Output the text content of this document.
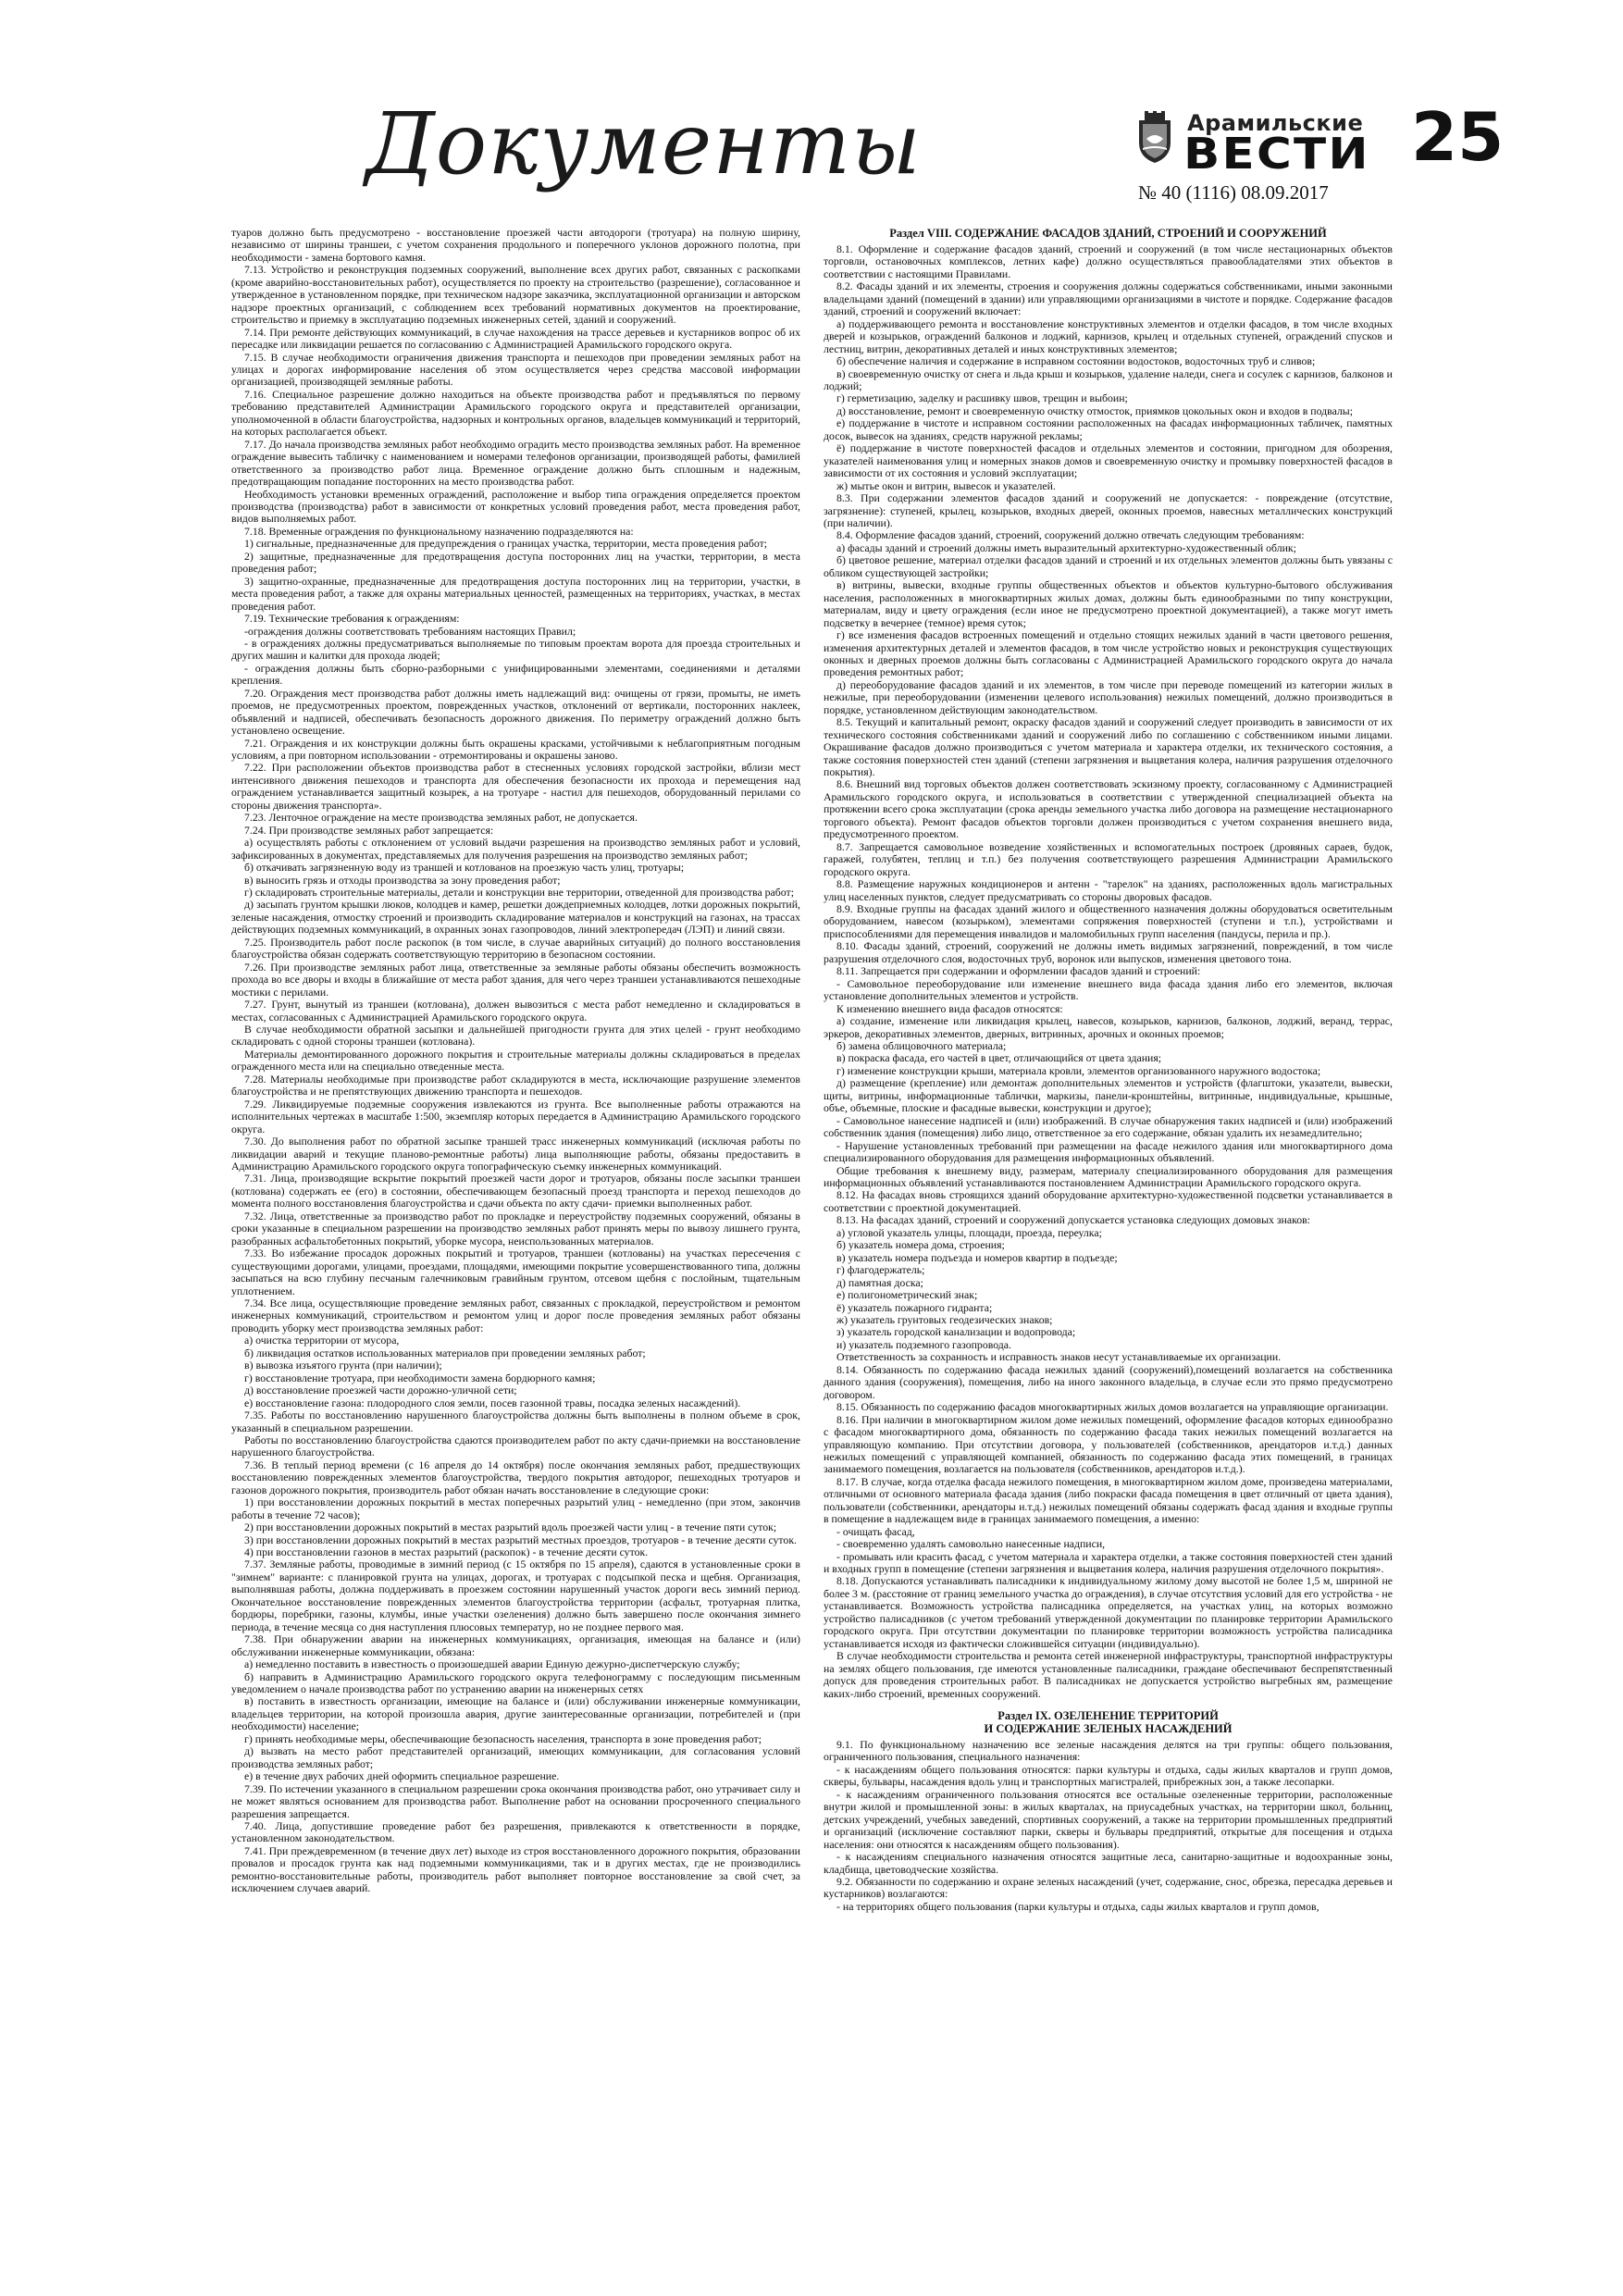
Документы	Арамильские
ВЕСТИ 25
№ 40 (1116) 08.09.2017

туаров должно быть предусмотрено - восстановление проезжей части автодороги (тротуара) на полную ширину, независимо от ширины траншеи, с учетом сохранения продольного и поперечного уклонов дорожного полотна, при необходимости - замена бортового камня.

7.13. Устройство и реконструкция подземных сооружений, выполнение всех других работ, связанных с раскопками (кроме аварийно-восстановительных работ), осуществляется по проекту на строительство (разрешение), согласованное и утвержденное в установленном порядке, при техническом надзоре заказчика, эксплуатационной организации и авторском надзоре проектных организаций, с соблюдением всех требований нормативных документов на проектирование, строительство и приемку в эксплуатацию подземных инженерных сетей, зданий и сооружений.

7.14. При ремонте действующих коммуникаций, в случае нахождения на трассе деревьев и кустарников вопрос об их пересадке или ликвидации решается по согласованию с Администрацией Арамильского городского округа.

7.15. В случае необходимости ограничения движения транспорта и пешеходов при проведении земляных работ на улицах и дорогах информирование населения об этом осуществляется через средства массовой информации организацией, производящей земляные работы.

7.16. Специальное разрешение должно находиться на объекте производства работ и предъявляться по первому требованию представителей Администрации Арамильского городского округа и представителей организации, уполномоченной в области благоустройства, надзорных и контрольных органов, владельцев коммуникаций и территорий, на которых располагается объект.

7.17. До начала производства земляных работ необходимо оградить место производства земляных работ. На временное ограждение вывесить табличку с наименованием и номерами телефонов организации, производящей работы, фамилией ответственного за производство работ лица. Временное ограждение должно быть сплошным и надежным, предотвращающим попадание посторонних на место производства работ.

Необходимость установки временных ограждений, расположение и выбор типа ограждения определяется проектом производства (производства) работ в зависимости от конкретных условий проведения работ, места проведения работ, видов выполняемых работ.

7.18. Временные ограждения по функциональному назначению подразделяются на:

1) сигнальные, предназначенные для предупреждения о границах участка, территории, места проведения работ;

2) защитные, предназначенные для предотвращения доступа посторонних лиц на участки, территории, в места проведения работ;

3) защитно-охранные, предназначенные для предотвращения доступа посторонних лиц на территории, участки, в места проведения работ, а также для охраны материальных ценностей, размещенных на территориях, участках, в местах проведения работ.

7.19. Технические требования к ограждениям:

-ограждения должны соответствовать требованиям настоящих Правил;

- в ограждениях должны предусматриваться выполняемые по типовым проектам ворота для проезда строительных и других машин и калитки для прохода людей;

- ограждения должны быть сборно-разборными с унифицированными элементами, соединениями и деталями крепления.

7.20. Ограждения мест производства работ должны иметь надлежащий вид: очищены от грязи, промыты, не иметь проемов, не предусмотренных проектом, поврежденных участков, отклонений от вертикали, посторонних наклеек, объявлений и надписей, обеспечивать безопасность дорожного движения. По периметру ограждений должно быть установлено освещение.

7.21. Ограждения и их конструкции должны быть окрашены красками, устойчивыми к неблагоприятным погодным условиям, а при повторном использовании - отремонтированы и окрашены заново.

7.22. При расположении объектов производства работ в стесненных условиях городской застройки, вблизи мест интенсивного движения пешеходов и транспорта для обеспечения безопасности их прохода и перемещения над ограждением устанавливается защитный козырек, а на тротуаре - настил для пешеходов, оборудованный перилами со стороны движения транспорта».

7.23. Ленточное ограждение на месте производства земляных работ, не допускается.

7.24. При производстве земляных работ запрещается:

а) осуществлять работы с отклонением от условий выдачи разрешения на производство земляных работ и условий, зафиксированных в документах, представляемых для получения разрешения на производство земляных работ;

б) откачивать загрязненную воду из траншей и котлованов на проезжую часть улиц, тротуары;

в) выносить грязь и отходы производства за зону проведения работ;

г) складировать строительные материалы, детали и конструкции вне территории, отведенной для производства работ;

д) засыпать грунтом крышки люков, колодцев и камер, решетки дождеприемных колодцев, лотки дорожных покрытий, зеленые насаждения, отмостку строений и производить складирование материалов и конструкций на газонах, на трассах действующих подземных коммуникаций, в охранных зонах газопроводов, линий электропередач (ЛЭП) и линий связи.

7.25. Производитель работ после раскопок (в том числе, в случае аварийных ситуаций) до полного восстановления благоустройства обязан содержать соответствующую территорию в безопасном состоянии.

7.26. При производстве земляных работ лица, ответственные за земляные работы обязаны обеспечить возможность прохода во все дворы и входы в ближайшие от места работ здания, для чего через траншеи устанавливаются пешеходные мостики с перилами.

7.27. Грунт, вынутый из траншеи (котлована), должен вывозиться с места работ немедленно и складироваться в местах, согласованных с Администрацией Арамильского городского округа.

В случае необходимости обратной засыпки и дальнейшей пригодности грунта для этих целей - грунт необходимо складировать с одной стороны траншеи (котлована).

Материалы демонтированного дорожного покрытия и строительные материалы должны складироваться в пределах огражденного места или на специально отведенные места.

7.28. Материалы необходимые при производстве работ складируются в места, исключающие разрушение элементов благоустройства и не препятствующих движению транспорта и пешеходов.

7.29. Ликвидируемые подземные сооружения извлекаются из грунта. Все выполненные работы отражаются на исполнительных чертежах в масштабе 1:500, экземпляр которых передается в Администрацию Арамильского городского округа.

7.30. До выполнения работ по обратной засыпке траншей трасс инженерных коммуникаций (исключая работы по ликвидации аварий и текущие планово-ремонтные работы) лица выполняющие работы, обязаны предоставить в Администрацию Арамильского городского округа топографическую съемку инженерных коммуникаций.

7.31. Лица, производящие вскрытие покрытий проезжей части дорог и тротуаров, обязаны после засыпки траншеи (котлована) содержать ее (его) в состоянии, обеспечивающем безопасный проезд транспорта и переход пешеходов до момента полного восстановления благоустройства и сдачи объекта по акту сдачи- приемки выполненных работ.

7.32. Лица, ответственные за производство работ по прокладке и переустройству подземных сооружений, обязаны в сроки указанные в специальном разрешении на производство земляных работ принять меры по вывозу лишнего грунта, разобранных асфальтобетонных покрытий, уборке мусора, неиспользованных материалов.

7.33. Во избежание просадок дорожных покрытий и тротуаров, траншеи (котлованы) на участках пересечения с существующими дорогами, улицами, проездами, площадями, имеющими покрытие усовершенствованного типа, должны засыпаться на всю глубину песчаным галечниковым гравийным грунтом, отсевом щебня с послойным, тщательным уплотнением.

7.34. Все лица, осуществляющие проведение земляных работ, связанных с прокладкой, переустройством и ремонтом инженерных коммуникаций, строительством и ремонтом улиц и дорог после проведения земляных работ обязаны проводить уборку мест производства земляных работ:

а) очистка территории от мусора,

б) ликвидация остатков использованных материалов при проведении земляных работ;

в) вывозка изъятого грунта (при наличии);

г) восстановление тротуара, при необходимости замена бордюрного камня;

д) восстановление проезжей части дорожно-уличной сети;

е) восстановление газона: плодородного слоя земли, посев газонной травы, посадка зеленых насаждений).

7.35. Работы по восстановлению нарушенного благоустройства должны быть выполнены в полном объеме в срок, указанный в специальном разрешении.

Работы по восстановлению благоустройства сдаются производителем работ по акту сдачи-приемки на восстановление нарушенного благоустройства.

7.36. В теплый период времени (с 16 апреля до 14 октября) после окончания земляных работ, предшествующих восстановлению поврежденных элементов благоустройства, твердого покрытия автодорог, пешеходных тротуаров и газонов дорожного покрытия, производитель работ обязан начать восстановление в следующие сроки:

1) при восстановлении дорожных покрытий в местах поперечных разрытий улиц - немедленно (при этом, закончив работы в течение 72 часов);

2) при восстановлении дорожных покрытий в местах разрытий вдоль проезжей части улиц - в течение пяти суток;

3) при восстановлении дорожных покрытий в местах разрытий местных проездов, тротуаров - в течение десяти суток.

4) при восстановлении газонов в местах разрытий (раскопок) - в течение десяти суток.

7.37. Земляные работы, проводимые в зимний период (с 15 октября по 15 апреля), сдаются в установленные сроки в "зимнем" варианте: с планировкой грунта на улицах, дорогах, и тротуарах с подсыпкой песка и щебня. Организация, выполнявшая работы, должна поддерживать в проезжем состоянии нарушенный участок дороги весь зимний период. Окончательное восстановление поврежденных элементов благоустройства территории (асфальт, тротуарная плитка, бордюры, поребрики, газоны, клумбы, иные участки озеленения) должно быть завершено после окончания зимнего периода, в течение месяца со дня наступления плюсовых температур, но не позднее первого мая.

7.38. При обнаружении аварии на инженерных коммуникациях, организация, имеющая на балансе и (или) обслуживании инженерные коммуникации, обязана:

а) немедленно поставить в известность о произошедшей аварии Единую дежурно-диспетчерскую службу;

б) направить в Администрацию Арамильского городского округа телефонограмму с последующим письменным уведомлением о начале производства работ по устранению аварии на инженерных сетях

в) поставить в известность организации, имеющие на балансе и (или) обслуживании инженерные коммуникации, владельцев территории, на которой произошла авария, другие заинтересованные организации, потребителей и (при необходимости) население;

г) принять необходимые меры, обеспечивающие безопасность населения, транспорта в зоне проведения работ;

д) вызвать на место работ представителей организаций, имеющих коммуникации, для согласования условий производства земляных работ;

е) в течение двух рабочих дней оформить специальное разрешение.

7.39. По истечении указанного в специальном разрешении срока окончания производства работ, оно утрачивает силу и не может являться основанием для производства работ. Выполнение работ на основании просроченного специального разрешения запрещается.

7.40. Лица, допустившие проведение работ без разрешения, привлекаются к ответственности в порядке, установленном законодательством.

7.41. При преждевременном (в течение двух лет) выходе из строя восстановленного дорожного покрытия, образовании провалов и просадок грунта как над подземными коммуникациями, так и в других местах, где не производились ремонтно-восстановительные работы, производитель работ выполняет повторное восстановление за свой счет, за исключением случаев аварий.

Раздел VIII. СОДЕРЖАНИЕ ФАСАДОВ ЗДАНИЙ, СТРОЕНИЙ И СООРУЖЕНИЙ

8.1. Оформление и содержание фасадов зданий, строений и сооружений (в том числе нестационарных объектов торговли, остановочных комплексов, летних кафе) должно осуществляться правообладателями этих объектов в соответствии с настоящими Правилами.

8.2. Фасады зданий и их элементы, строения и сооружения должны содержаться собственниками, иными законными владельцами зданий (помещений в здании) или управляющими организациями в чистоте и порядке. Содержание фасадов зданий, строений и сооружений включает:

а) поддерживающего ремонта и восстановление конструктивных элементов и отделки фасадов, в том числе входных дверей и козырьков, ограждений балконов и лоджий, карнизов, крылец и отдельных ступеней, ограждений спусков и лестниц, витрин, декоративных деталей и иных конструктивных элементов;

б) обеспечение наличия и содержание в исправном состоянии водостоков, водосточных труб и сливов;

в) своевременную очистку от снега и льда крыш и козырьков, удаление наледи, снега и сосулек с карнизов, балконов и лоджий;

г) герметизацию, заделку и расшивку швов, трещин и выбоин;

д) восстановление, ремонт и своевременную очистку отмосток, приямков цокольных окон и входов в подвалы;

е) поддержание в чистоте и исправном состоянии расположенных на фасадах информационных табличек, памятных досок, вывесок на зданиях, средств наружной рекламы;

ё) поддержание в чистоте поверхностей фасадов и отдельных элементов и состоянии, пригодном для обозрения, указателей наименования улиц и номерных знаков домов и своевременную очистку и промывку поверхностей фасадов в зависимости от их состояния и условий эксплуатации;

ж) мытье окон и витрин, вывесок и указателей.

8.3. При содержании элементов фасадов зданий и сооружений не допускается: - повреждение (отсутствие, загрязнение): ступеней, крылец, козырьков, входных дверей, оконных проемов, навесных металлических конструкций (при наличии).

8.4. Оформление фасадов зданий, строений, сооружений должно отвечать следующим требованиям:

а) фасады зданий и строений должны иметь выразительный архитектурно-художественный облик;

б) цветовое решение, материал отделки фасадов зданий и строений и их отдельных элементов должны быть увязаны с обликом существующей застройки;

в) витрины, вывески, входные группы общественных объектов и объектов культурно-бытового обслуживания населения, расположенных в многоквартирных жилых домах, должны быть единообразными по типу конструкции, материалам, виду и цвету ограждения (если иное не предусмотрено проектной документацией), а также могут иметь подсветку в вечернее (темное) время суток;

г) все изменения фасадов встроенных помещений и отдельно стоящих нежилых зданий в части цветового решения, изменения архитектурных деталей и элементов фасадов, в том числе устройство новых и реконструкция существующих оконных и дверных проемов должны быть согласованы с Администрацией Арамильского городского округа до начала проведения ремонтных работ;

д) переоборудование фасадов зданий и их элементов, в том числе при переводе помещений из категории жилых в нежилые, при переоборудовании (изменении целевого использования) нежилых помещений, должно производиться в порядке, установленном действующим законодательством.

8.5. Текущий и капитальный ремонт, окраску фасадов зданий и сооружений следует производить в зависимости от их технического состояния собственниками зданий и сооружений либо по соглашению с собственником иными лицами. Окрашивание фасадов должно производиться с учетом материала и характера отделки, их технического состояния, а также состояния поверхностей стен зданий (степени загрязнения и выцветания колера, наличия разрушения отделочного покрытия).

8.6. Внешний вид торговых объектов должен соответствовать эскизному проекту, согласованному с Администрацией Арамильского городского округа, и использоваться в соответствии с утвержденной специализацией объекта на протяжении всего срока эксплуатации (срока аренды земельного участка либо договора на размещение нестационарного торгового объекта). Ремонт фасадов объектов торговли должен производиться с учетом сохранения внешнего вида, предусмотренного проектом.

8.7. Запрещается самовольное возведение хозяйственных и вспомогательных построек (дровяных сараев, будок, гаражей, голубятен, теплиц и т.п.) без получения соответствующего разрешения Администрации Арамильского городского округа.

8.8. Размещение наружных кондиционеров и антенн - "тарелок" на зданиях, расположенных вдоль магистральных улиц населенных пунктов, следует предусматривать со стороны дворовых фасадов.

8.9. Входные группы на фасадах зданий жилого и общественного назначения должны оборудоваться осветительным оборудованием, навесом (козырьком), элементами сопряжения поверхностей (ступени и т.п.), устройствами и приспособлениями для перемещения инвалидов и маломобильных групп населения (пандусы, перила и пр.).

8.10. Фасады зданий, строений, сооружений не должны иметь видимых загрязнений, повреждений, в том числе разрушения отделочного слоя, водосточных труб, воронок или выпусков, изменения цветового тона.

8.11. Запрещается при содержании и оформлении фасадов зданий и строений:

- Самовольное переоборудование или изменение внешнего вида фасада здания либо его элементов, включая установление дополнительных элементов и устройств.

К изменению внешнего вида фасадов относятся:

а) создание, изменение или ликвидация крылец, навесов, козырьков, карнизов, балконов, лоджий, веранд, террас, эркеров, декоративных элементов, дверных, витринных, арочных и оконных проемов;

б) замена облицовочного материала;

в) покраска фасада, его частей в цвет, отличающийся от цвета здания;

г) изменение конструкции крыши, материала кровли, элементов организованного наружного водостока;

д) размещение (крепление) или демонтаж дополнительных элементов и устройств (флагштоки, указатели, вывески, щиты, витрины, информационные таблички, маркизы, панели-кронштейны, витринные, индивидуальные, крышные, объе, объемные, плоские и фасадные вывески, конструкции и другое);

- Самовольное нанесение надписей и (или) изображений. В случае обнаружения таких надписей и (или) изображений собственник здания (помещения) либо лицо, ответственное за его содержание, обязан удалить их незамедлительно;

- Нарушение установленных требований при размещении на фасаде нежилого здания или многоквартирного дома специализированного оборудования для размещения информационных объявлений.

Общие требования к внешнему виду, размерам, материалу специализированного оборудования для размещения информационных объявлений устанавливаются постановлением Администрации Арамильского городского округа.

8.12. На фасадах вновь строящихся зданий оборудование архитектурно-художественной подсветки устанавливается в соответствии с проектной документацией.

8.13. На фасадах зданий, строений и сооружений допускается установка следующих домовых знаков:

а) угловой указатель улицы, площади, проезда, переулка;

б) указатель номера дома, строения;

в) указатель номера подъезда и номеров квартир в подъезде;

г) флагодержатель;

д) памятная доска;

е) полигонометрический знак;

ё) указатель пожарного гидранта;

ж) указатель грунтовых геодезических знаков;

з) указатель городской канализации и водопровода;

и) указатель подземного газопровода.

Ответственность за сохранность и исправность знаков несут устанавливаемые их организации.

8.14. Обязанность по содержанию фасада нежилых зданий (сооружений),помещений возлагается на собственника данного здания (сооружения), помещения, либо на иного законного владельца, в случае если это прямо предусмотрено договором.

8.15. Обязанность по содержанию фасадов многоквартирных жилых домов возлагается на управляющие организации.

8.16. При наличии в многоквартирном жилом доме нежилых помещений, оформление фасадов которых единообразно с фасадом многоквартирного дома, обязанность по содержанию фасада таких нежилых помещений возлагается на управляющую компанию. При отсутствии договора, у пользователей (собственников, арендаторов и.т.д.) данных нежилых помещений с управляющей компанией, обязанность по содержанию фасада этих помещений, в границах занимаемого помещения, возлагается на пользователя (собственников, арендаторов и.т.д.).

8.17. В случае, когда отделка фасада нежилого помещения, в многоквартирном жилом доме, произведена материалами, отличными от основного материала фасада здания (либо покраски фасада помещения в цвет отличный от цвета здания), пользователи (собственники, арендаторы и.т.д.) нежилых помещений обязаны содержать фасад здания и входные группы в помещение в надлежащем виде в границах занимаемого помещения, а именно:

- очищать фасад,

- своевременно удалять самовольно нанесенные надписи,

- промывать или красить фасад, с учетом материала и характера отделки, а также состояния поверхностей стен зданий и входных групп в помещение (степени загрязнения и выцветания колера, наличия разрушения отделочного покрытия».

8.18. Допускаются устанавливать палисадники к индивидуальному жилому дому высотой не более 1,5 м, шириной не более 3 м. (расстояние от границ земельного участка до ограждения), в случае отсутствия условий для его устройства - не устанавливается. Возможность устройства палисадника определяется, на участках улиц, на которых возможно устройство палисадников (с учетом требований утвержденной документации по планировке территории Арамильского городского округа. При отсутствии документации по планировке территории возможность устройства палисадника устанавливается исходя из фактически сложившейся ситуации (индивидуально).

В случае необходимости строительства и ремонта сетей инженерной инфраструктуры, транспортной инфраструктуры на землях общего пользования, где имеются установленные палисадники, граждане обеспечивают беспрепятственный допуск для проведения строительных работ. В палисадниках не допускается устройство выгребных ям, размещение каких-либо строений, временных сооружений.

Раздел IX. ОЗЕЛЕНЕНИЕ ТЕРРИТОРИЙ
И СОДЕРЖАНИЕ ЗЕЛЕНЫХ НАСАЖДЕНИЙ

9.1. По функциональному назначению все зеленые насаждения делятся на три группы: общего пользования, ограниченного пользования, специального назначения:

- к насаждениям общего пользования относятся: парки культуры и отдыха, сады жилых кварталов и групп домов, скверы, бульвары, насаждения вдоль улиц и транспортных магистралей, прибрежных зон, а также лесопарки.

- к насаждениям ограниченного пользования относятся все остальные озелененные территории, расположенные внутри жилой и промышленной зоны: в жилых кварталах, на приусадебных участках, на территории школ, больниц, детских учреждений, учебных заведений, спортивных сооружений, а также на территории промышленных предприятий и организаций (исключение составляют парки, скверы и бульвары предприятий, открытые для посещения и отдыха населения: они относятся к насаждениям общего пользования).

- к насаждениям специального назначения относятся защитные леса, санитарно-защитные и водоохранные зоны, кладбища, цветоводческие хозяйства.

9.2. Обязанности по содержанию и охране зеленых насаждений (учет, содержание, снос, обрезка, пересадка деревьев и кустарников) возлагаются:

- на территориях общего пользования (парки культуры и отдыха, сады жилых кварталов и групп домов,
